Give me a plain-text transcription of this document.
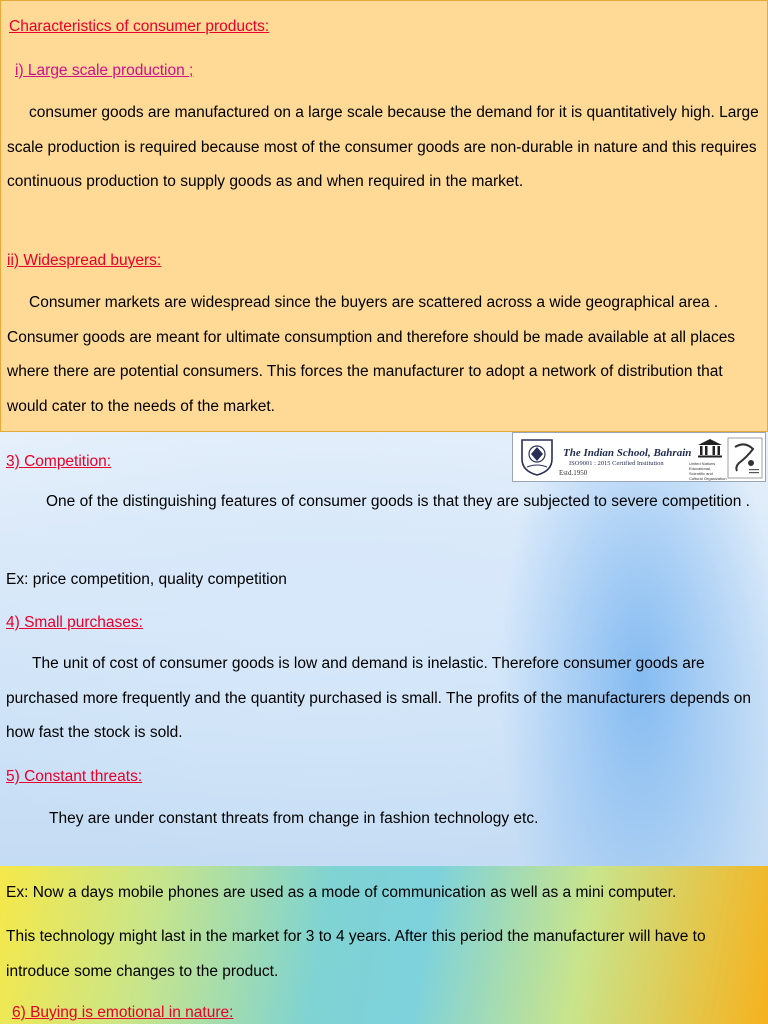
Characteristics of consumer products:

i) Large scale production ;

consumer goods are manufactured on a large scale because the demand for it is quantitatively high. Large scale production is required because most of the consumer goods are non-durable in nature and this requires continuous production to supply goods as and when required in the market.

ii) Widespread buyers:

Consumer markets are widespread since the buyers are scattered across a wide geographical area . Consumer goods are meant for ultimate consumption and therefore should be made available at all places where there are potential consumers. This forces the manufacturer to adopt a network of distribution that would cater to the needs of the market.

Estd.1950
The Indian School, Bahrain
ISO9001 : 2015 Certified Institution	United Nations Educational, Scientific and Cultural Organization

3) Competition:

One of the distinguishing features of consumer goods is that they are subjected to severe competition .

Ex: price competition, quality competition

4) Small purchases:

The unit of cost of consumer goods is low and demand is inelastic. Therefore consumer goods are purchased more frequently and the quantity purchased is small. The profits of the manufacturers depends on how fast the stock is sold.

5) Constant threats:

They are under constant threats from change in fashion technology etc.

Ex: Now a days mobile phones are used as a mode of communication as well as a mini computer.

This technology might last in the market for 3 to 4 years. After this period the manufacturer will have to introduce some changes to the product.

6) Buying is emotional in nature:
